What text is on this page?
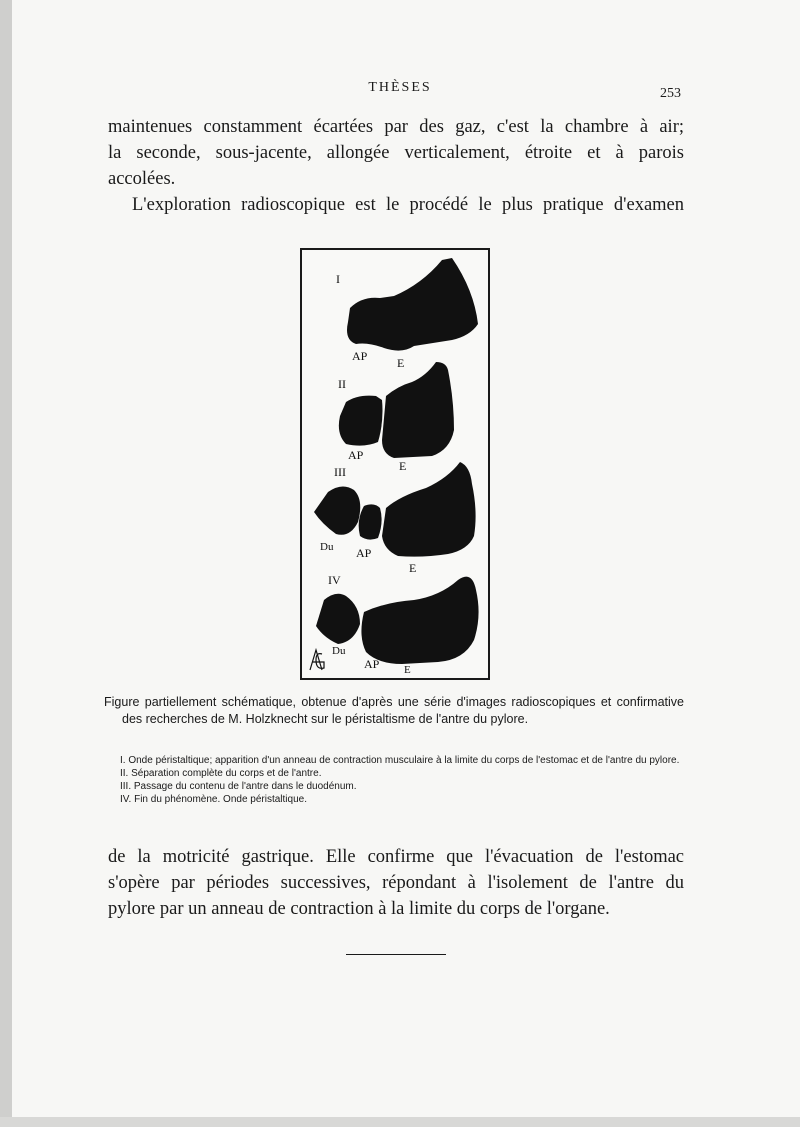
THÈSES	253
maintenues constamment écartées par des gaz, c'est la chambre à air;
la seconde, sous-jacente, allongée verticalement, étroite et à parois
accolées.
L'exploration radioscopique est le procédé le plus pratique d'examen
I
AP E
II
AP
E
III
Du AP
E
IV
Du
AP E

Figure partiellement schématique, obtenue d'après une série d'images radioscopiques et confirmative des recherches de M. Holzknecht sur le péristaltisme de l'antre du pylore.

I. Onde péristaltique; apparition d'un anneau de contraction musculaire à la limite du corps de l'estomac et de l'antre du pylore.
II. Séparation complète du corps et de l'antre.
III. Passage du contenu de l'antre dans le duodénum.
IV. Fin du phénomène. Onde péristaltique.
de la motricité gastrique. Elle confirme que l'évacuation de l'estomac
s'opère par périodes successives, répondant à l'isolement de l'antre du
pylore par un anneau de contraction à la limite du corps de l'organe.
